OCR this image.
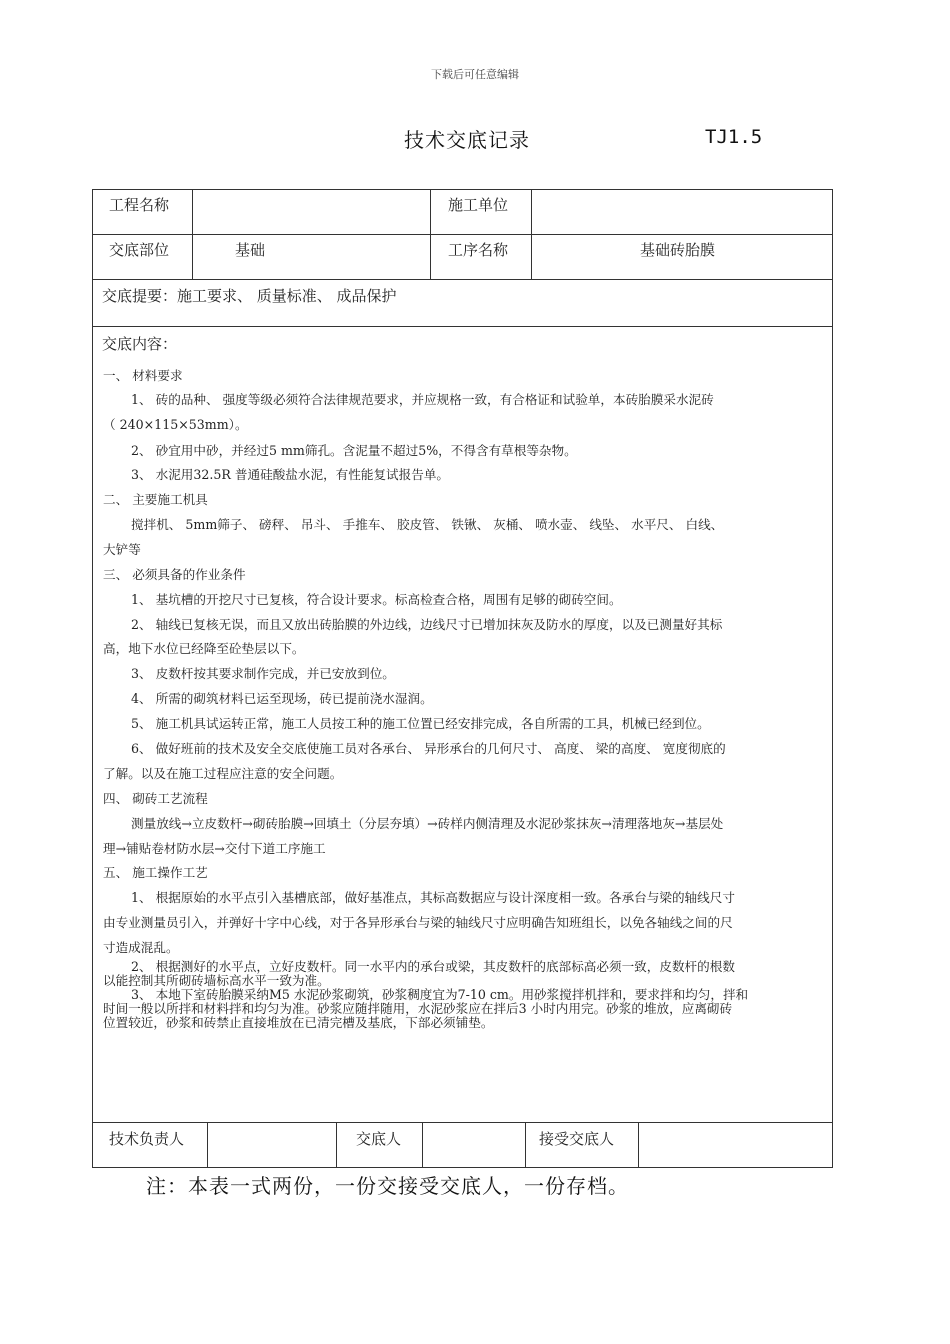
下载后可任意编辑
技术交底记录	TJ1.5
工程名称	施工单位
交底部位	基础	工序名称	基础砖胎膜
交底提要：施工要求、 质量标准、 成品保护
交底内容：
一、 材料要求
1、 砖的品种、 强度等级必须符合法律规范要求，并应规格一致，有合格证和试验单，本砖胎膜采水泥砖
（ 240×115×53mm）。
2、 砂宜用中砂，并经过5 mm筛孔。含泥量不超过5%，不得含有草根等杂物。
3、 水泥用32.5R 普通硅酸盐水泥，有性能复试报告单。
二、 主要施工机具
搅拌机、 5mm筛子、 磅秤、 吊斗、 手推车、 胶皮管、 铁锹、 灰桶、 喷水壶、 线坠、 水平尺、 白线、
大铲等
三、 必须具备的作业条件
1、 基坑槽的开挖尺寸已复核，符合设计要求。标高检查合格，周围有足够的砌砖空间。
2、 轴线已复核无误，而且又放出砖胎膜的外边线，边线尺寸已增加抹灰及防水的厚度，以及已测量好其标
高，地下水位已经降至砼垫层以下。
3、 皮数杆按其要求制作完成，并已安放到位。
4、 所需的砌筑材料已运至现场，砖已提前浇水湿润。
5、 施工机具试运转正常，施工人员按工种的施工位置已经安排完成，各自所需的工具，机械已经到位。
6、 做好班前的技术及安全交底使施工员对各承台、 异形承台的几何尺寸、 高度、 梁的高度、 宽度彻底的
了解。以及在施工过程应注意的安全问题。
四、 砌砖工艺流程
测量放线→立皮数杆→砌砖胎膜→回填土（分层夯填）→砖样内侧清理及水泥砂浆抹灰→清理落地灰→基层处
理→铺贴卷材防水层→交付下道工序施工
五、 施工操作工艺
1、 根据原始的水平点引入基槽底部，做好基准点，其标高数据应与设计深度相一致。各承台与梁的轴线尺寸
由专业测量员引入，并弹好十字中心线，对于各异形承台与梁的轴线尺寸应明确告知班组长，以免各轴线之间的尺
寸造成混乱。
2、 根据测好的水平点，立好皮数杆。同一水平内的承台或梁，其皮数杆的底部标高必须一致，皮数杆的根数
以能控制其所砌砖墙标高水平一致为准。
3、 本地下室砖胎膜采纳M5 水泥砂浆砌筑，砂浆稠度宜为7-10 cm。用砂浆搅拌机拌和，要求拌和均匀，拌和
时间一般以所拌和材料拌和均匀为准。砂浆应随拌随用，水泥砂浆应在拌后3 小时内用完。砂浆的堆放，应离砌砖
位置较近，砂浆和砖禁止直接堆放在已清完槽及基底，下部必须铺垫。
技术负责人	交底人	接受交底人
注：本表一式两份，一份交接受交底人，一份存档。
